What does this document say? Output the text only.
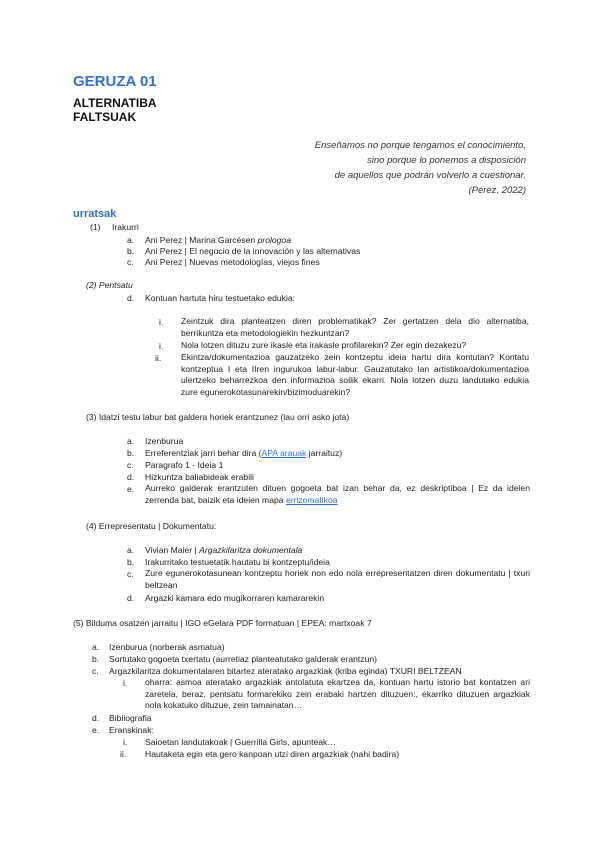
GERUZA 01
ALTERNATIBA
FALTSUAK
Enseñamos no porque tengamos el conocimiento,
sino porque lo ponemos a disposición
de aquellos que podrán volverlo a cuestionar.
(Pérez, 2022)
urratsak
(1) Irakurri
a. Ani Perez | Marina Garcésen prologoa
b. Ani Perez | El negocio de la innovación y las alternativas
c. Ani Perez | Nuevas metodologías, viejos fines
(2) Pentsatu
d. Kontuan hartuta hiru testuetako edukia:
i. Zeintzuk dira planteatzen diren problematikak? Zer gertatzen dela dio alternatiba, berrikuntza eta metodologiekin hezkuntzan?
i. Nola lotzen dituzu zure ikasle eta irakasle profilarekin? Zer egin dezakezu?
ii. Ekintza/dokumentazioa gauzatzeko zein kontzeptu ideia hartu dira kontutan? Kontatu kontzeptua I eta IIren ingurukoa labur-labur. Gauzatutako lan artistikoa/dokumentazioa ulertzeko beharrezkoa den informazioa soilik ekarri. Nola lotzen duzu landutako edukia zure egunerokotasunarekin/bizimoduarekin?
(3) Idatzi testu labur bat galdera horiek erantzunez (lau orri asko jota)
a. Izenburua
b. Erreferentziak jarri behar dira (APA arauak jarraituz)
c. Paragrafo 1 - Ideia 1
d. Hizkuntza baliabideak erabili
e. Aurreko galderak erantzuten dituen gogoeta bat izan behar da, ez deskriptiboa | Ez da ideien zerrenda bat, baizik eta ideien mapa errizomatikoa
(4) Errepresentatu | Dokumentatu:
a. Vivian Maier | Argazkilaritza dokumentala
b. Irakurritako testuetatik hautatu bi kontzeptu/ideia
c. Zure egunerokotasunean kontzeptu horiek non edo nola errepresentatzen diren dokumentatu | txuri beltzean
d. Argazki kamara edo mugikorraren kamararekin
(5) Bilduma osatzen jarraitu | IGO eGelara PDF formatuan | EPEA: martxoak 7
a. Izenburua (norberak asmatua)
b. Sortutako gogoeta txertatu (aurretiaz planteatutako galderak erantzun)
c. Argazkilaritza dokumentalaren bitartez ateratako argazkiak (kriba eginda) TXURI BELTZEAN
i. oharra: asmoa ateratako argazkiak antolatuta ekartzea da, kontuan hartu istorio bat kontatzen ari zaretela, beraz, pentsatu formarekiko zein erabaki hartzen dituzuen:, ekarriko dituzuen argazkiak nola kokatuko dituzue, zein tamainatan…
d. Bibliografia
e. Eranskinak:
i. Saioetan landutakoak | Guerrilla Girls, apunteak…
ii. Hautaketa egin eta gero kanpoan utzi diren argazkiak (nahi badira)
